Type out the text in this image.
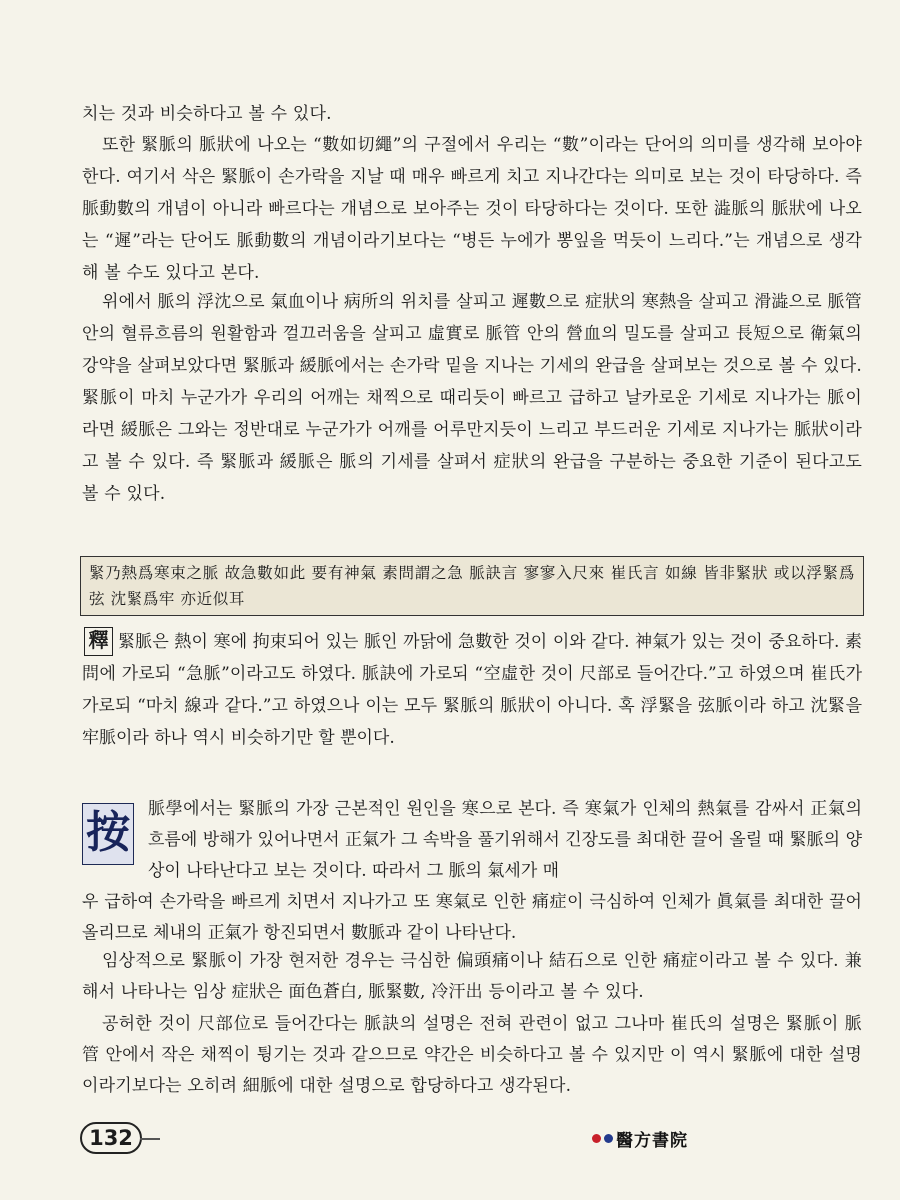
치는 것과 비슷하다고 볼 수 있다.
또한 緊脈의 脈狀에 나오는 “數如切繩”의 구절에서 우리는 “數”이라는 단어의 의미를 생각해 보아야 한다. 여기서 삭은 緊脈이 손가락을 지날 때 매우 빠르게 치고 지나간다는 의미로 보는 것이 타당하다. 즉 脈動數의 개념이 아니라 빠르다는 개념으로 보아주는 것이 타당하다는 것이다. 또한 澁脈의 脈狀에 나오는 “遲”라는 단어도 脈動數의 개념이라기보다는 “병든 누에가 뽕잎을 먹듯이 느리다.”는 개념으로 생각해 볼 수도 있다고 본다.
위에서 脈의 浮沈으로 氣血이나 病所의 위치를 살피고 遲數으로 症狀의 寒熱을 살피고 滑澁으로 脈管 안의 혈류흐름의 원활함과 껄끄러움을 살피고 虛實로 脈管 안의 營血의 밀도를 살피고 長短으로 衛氣의 강약을 살펴보았다면 緊脈과 緩脈에서는 손가락 밑을 지나는 기세의 완급을 살펴보는 것으로 볼 수 있다. 緊脈이 마치 누군가가 우리의 어깨는 채찍으로 때리듯이 빠르고 급하고 날카로운 기세로 지나가는 脈이라면 緩脈은 그와는 정반대로 누군가가 어깨를 어루만지듯이 느리고 부드러운 기세로 지나가는 脈狀이라고 볼 수 있다. 즉 緊脈과 緩脈은 脈의 기세를 살펴서 症狀의 완급을 구분하는 중요한 기준이 된다고도 볼 수 있다.
緊乃熱爲寒束之脈 故急數如此 要有神氣 素問謂之急 脈訣言 寥寥入尺來 崔氏言 如線 皆非緊狀 或以浮緊爲弦 沈緊爲牢 亦近似耳
釋 緊脈은 熱이 寒에 拘束되어 있는 脈인 까닭에 急數한 것이 이와 같다. 神氣가 있는 것이 중요하다. 素問에 가로되 “急脈”이라고도 하였다. 脈訣에 가로되 “空虛한 것이 尺部로 들어간다.”고 하였으며 崔氏가 가로되 “마치 線과 같다.”고 하였으나 이는 모두 緊脈의 脈狀이 아니다. 혹 浮緊을 弦脈이라 하고 沈緊을 牢脈이라 하나 역시 비슷하기만 할 뿐이다.
按 脈學에서는 緊脈의 가장 근본적인 원인을 寒으로 본다. 즉 寒氣가 인체의 熱氣를 감싸서 正氣의 흐름에 방해가 있어나면서 正氣가 그 속박을 풀기위해서 긴장도를 최대한 끌어 올릴 때 緊脈의 양상이 나타난다고 보는 것이다. 따라서 그 脈의 氣세가 매
우 급하여 손가락을 빠르게 치면서 지나가고 또 寒氣로 인한 痛症이 극심하여 인체가 眞氣를 최대한 끌어 올리므로 체내의 正氣가 항진되면서 數脈과 같이 나타난다.
임상적으로 緊脈이 가장 현저한 경우는 극심한 偏頭痛이나 結石으로 인한 痛症이라고 볼 수 있다. 兼해서 나타나는 임상 症狀은 面色蒼白, 脈緊數, 冷汗出 등이라고 볼 수 있다.
공허한 것이 尺部位로 들어간다는 脈訣의 설명은 전혀 관련이 없고 그나마 崔氏의 설명은 緊脈이 脈管 안에서 작은 채찍이 튕기는 것과 같으므로 약간은 비슷하다고 볼 수 있지만 이 역시 緊脈에 대한 설명이라기보다는 오히려 細脈에 대한 설명으로 합당하다고 생각된다.
132	醫方書院
